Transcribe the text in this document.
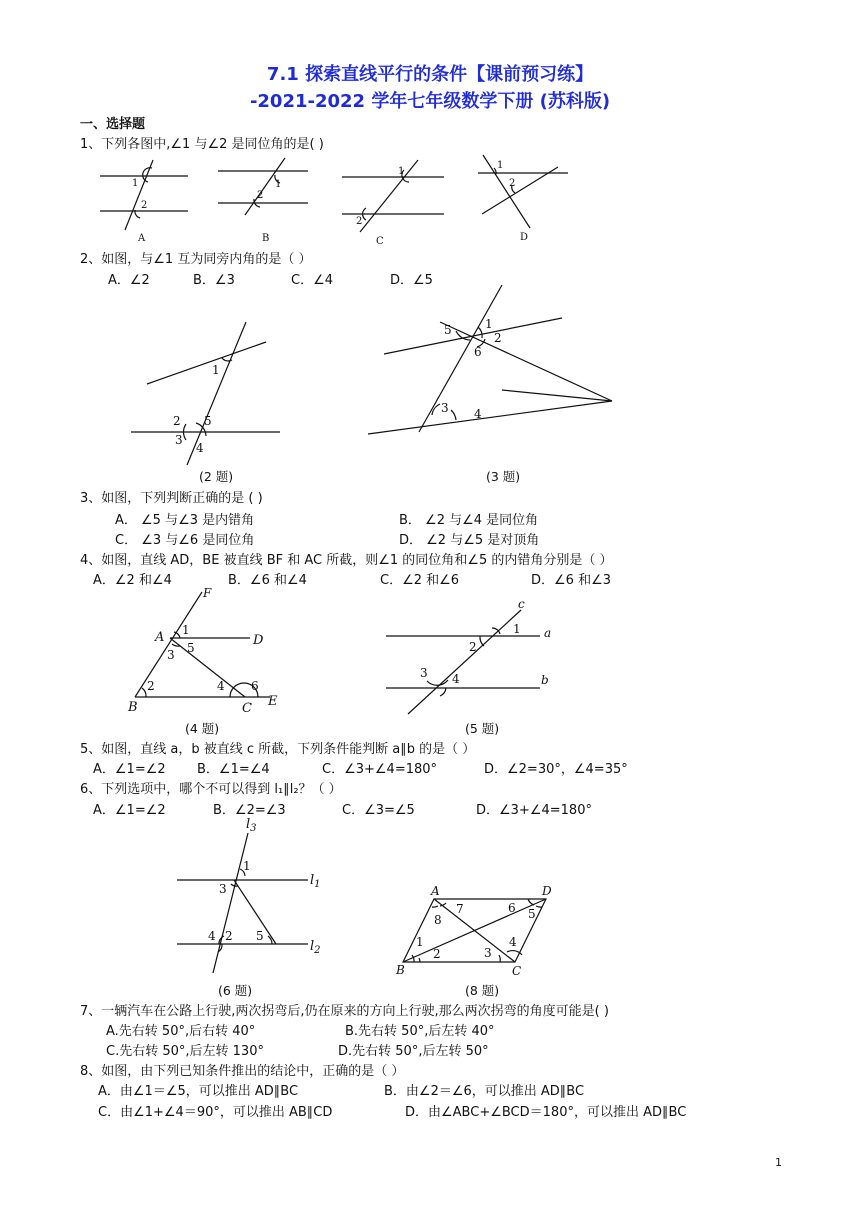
7.1 探索直线平行的条件【课前预习练】
-2021-2022 学年七年级数学下册 (苏科版)
一、选择题
1、下列各图中,∠1 与∠2 是同位角的是( )
1
2
A
1
2
B
1
2
C
1
2
D
2、如图，与∠1 互为同旁内角的是（ ）
A．∠2	B．∠3	C．∠4	D．∠5
1
2 5
3
4
(2 题)
5	1
2
6
3 4
(3 题)
3、如图，下列判断正确的是 ( )
A． ∠5 与∠3 是内错角	B． ∠2 与∠4 是同位角
C． ∠3 与∠6 是同位角	D． ∠2 与∠5 是对顶角
4、如图，直线 AD，BE 被直线 BF 和 AC 所截，则∠1 的同位角和∠5 的内错角分别是（ ）
A．∠2 和∠4	B．∠6 和∠4	C．∠2 和∠6	D．∠6 和∠3
F
A 1
D
3 5
2	4 6
B	C E
(4 题)
c
1 a
2
3 4	b
(5 题)
5、如图，直线 a，b 被直线 c 所截，下列条件能判断 a∥b 的是（ ）
A．∠1=∠2 B．∠1=∠4	C．∠3+∠4=180°	D．∠2=30°，∠4=35°
6、下列选项中，哪个不可以得到 l₁∥l₂？（ ）
A．∠1=∠2	B．∠2=∠3	C．∠3=∠5	D．∠3+∠4=180°
$l_3$
1
$l_1$
3
4 2 5
$l_2$
(6 题)
A	D
8
7	6 5
1
2	3
4
B	C
(8 题)
7、一辆汽车在公路上行驶,两次拐弯后,仍在原来的方向上行驶,那么两次拐弯的角度可能是( )
A.先右转 50°,后右转 40°	B.先右转 50°,后左转 40°
C.先右转 50°,后左转 130°	D.先右转 50°,后左转 50°
8、如图，由下列已知条件推出的结论中，正确的是（ ）
A．由∠1＝∠5，可以推出 AD∥BC	B．由∠2＝∠6，可以推出 AD∥BC
C．由∠1+∠4＝90°，可以推出 AB∥CD	D．由∠ABC+∠BCD＝180°，可以推出 AD∥BC
1
